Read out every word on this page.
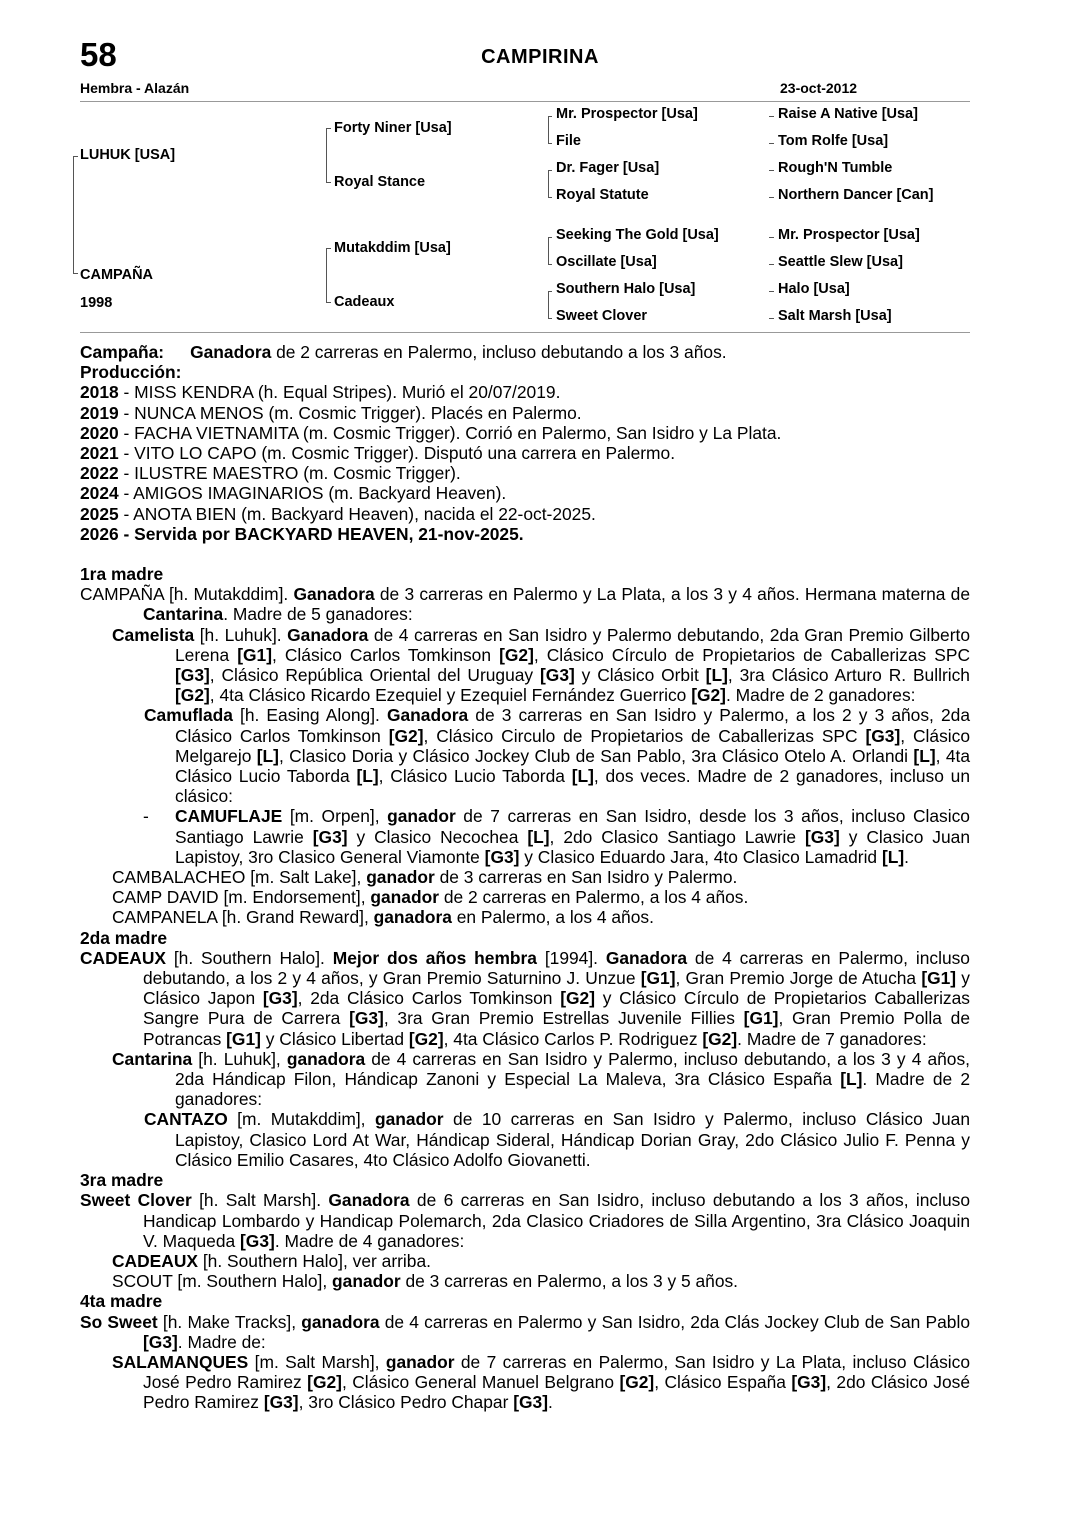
58	CAMPIRINA
Hembra - Alazán	23-oct-2012
LUHUK [USA]
CAMPAÑA
1998
Forty Niner [Usa]
Royal Stance
Mutakddim [Usa]
Cadeaux
Mr. Prospector [Usa]
File
Dr. Fager [Usa]
Royal Statute
Seeking The Gold [Usa]
Oscillate [Usa]
Southern Halo [Usa]
Sweet Clover
Raise A Native [Usa]
Tom Rolfe [Usa]
Rough'N Tumble
Northern Dancer [Can]
Mr. Prospector [Usa]
Seattle Slew [Usa]
Halo [Usa]
Salt Marsh [Usa]

Campaña: Ganadora de 2 carreras en Palermo, incluso debutando a los 3 años.

Producción:

2018 - MISS KENDRA (h. Equal Stripes). Murió el 20/07/2019.

2019 - NUNCA MENOS (m. Cosmic Trigger). Placés en Palermo.

2020 - FACHA VIETNAMITA (m. Cosmic Trigger). Corrió en Palermo, San Isidro y La Plata.

2021 - VITO LO CAPO (m. Cosmic Trigger). Disputó una carrera en Palermo.

2022 - ILUSTRE MAESTRO (m. Cosmic Trigger).

2024 - AMIGOS IMAGINARIOS (m. Backyard Heaven).

2025 - ANOTA BIEN (m. Backyard Heaven), nacida el 22-oct-2025.

2026 - Servida por BACKYARD HEAVEN, 21-nov-2025.

1ra madre

CAMPAÑA [h. Mutakddim]. Ganadora de 3 carreras en Palermo y La Plata, a los 3 y 4 años. Hermana materna de Cantarina. Madre de 5 ganadores:

Camelista [h. Luhuk]. Ganadora de 4 carreras en San Isidro y Palermo debutando, 2da Gran Premio Gilberto Lerena [G1], Clásico Carlos Tomkinson [G2], Clásico Círculo de Propietarios de Caballerizas SPC [G3], Clásico República Oriental del Uruguay [G3] y Clásico Orbit [L], 3ra Clásico Arturo R. Bullrich [G2], 4ta Clásico Ricardo Ezequiel y Ezequiel Fernández Guerrico [G2]. Madre de 2 ganadores:

Camuflada [h. Easing Along]. Ganadora de 3 carreras en San Isidro y Palermo, a los 2 y 3 años, 2da Clásico Carlos Tomkinson [G2], Clásico Circulo de Propietarios de Caballerizas SPC [G3], Clásico Melgarejo [L], Clasico Doria y Clásico Jockey Club de San Pablo, 3ra Clásico Otelo A. Orlandi [L], 4ta Clásico Lucio Taborda [L], Clásico Lucio Taborda [L], dos veces. Madre de 2 ganadores, incluso un clásico:

- CAMUFLAJE [m. Orpen], ganador de 7 carreras en San Isidro, desde los 3 años, incluso Clasico Santiago Lawrie [G3] y Clasico Necochea [L], 2do Clasico Santiago Lawrie [G3] y Clasico Juan Lapistoy, 3ro Clasico General Viamonte [G3] y Clasico Eduardo Jara, 4to Clasico Lamadrid [L].

CAMBALACHEO [m. Salt Lake], ganador de 3 carreras en San Isidro y Palermo.

CAMP DAVID [m. Endorsement], ganador de 2 carreras en Palermo, a los 4 años.

CAMPANELA [h. Grand Reward], ganadora en Palermo, a los 4 años.

2da madre

CADEAUX [h. Southern Halo]. Mejor dos años hembra [1994]. Ganadora de 4 carreras en Palermo, incluso debutando, a los 2 y 4 años, y Gran Premio Saturnino J. Unzue [G1], Gran Premio Jorge de Atucha [G1] y Clásico Japon [G3], 2da Clásico Carlos Tomkinson [G2] y Clásico Círculo de Propietarios Caballerizas Sangre Pura de Carrera [G3], 3ra Gran Premio Estrellas Juvenile Fillies [G1], Gran Premio Polla de Potrancas [G1] y Clásico Libertad [G2], 4ta Clásico Carlos P. Rodriguez [G2]. Madre de 7 ganadores:

Cantarina [h. Luhuk], ganadora de 4 carreras en San Isidro y Palermo, incluso debutando, a los 3 y 4 años, 2da Hándicap Filon, Hándicap Zanoni y Especial La Maleva, 3ra Clásico España [L]. Madre de 2 ganadores:

CANTAZO [m. Mutakddim], ganador de 10 carreras en San Isidro y Palermo, incluso Clásico Juan Lapistoy, Clasico Lord At War, Hándicap Sideral, Hándicap Dorian Gray, 2do Clásico Julio F. Penna y Clásico Emilio Casares, 4to Clásico Adolfo Giovanetti.

3ra madre

Sweet Clover [h. Salt Marsh]. Ganadora de 6 carreras en San Isidro, incluso debutando a los 3 años, incluso Handicap Lombardo y Handicap Polemarch, 2da Clasico Criadores de Silla Argentino, 3ra Clásico Joaquin V. Maqueda [G3]. Madre de 4 ganadores:

CADEAUX [h. Southern Halo], ver arriba.

SCOUT [m. Southern Halo], ganador de 3 carreras en Palermo, a los 3 y 5 años.

4ta madre

So Sweet [h. Make Tracks], ganadora de 4 carreras en Palermo y San Isidro, 2da Clás Jockey Club de San Pablo [G3]. Madre de:

SALAMANQUES [m. Salt Marsh], ganador de 7 carreras en Palermo, San Isidro y La Plata, incluso Clásico José Pedro Ramirez [G2], Clásico General Manuel Belgrano [G2], Clásico España [G3], 2do Clásico José Pedro Ramirez [G3], 3ro Clásico Pedro Chapar [G3].
